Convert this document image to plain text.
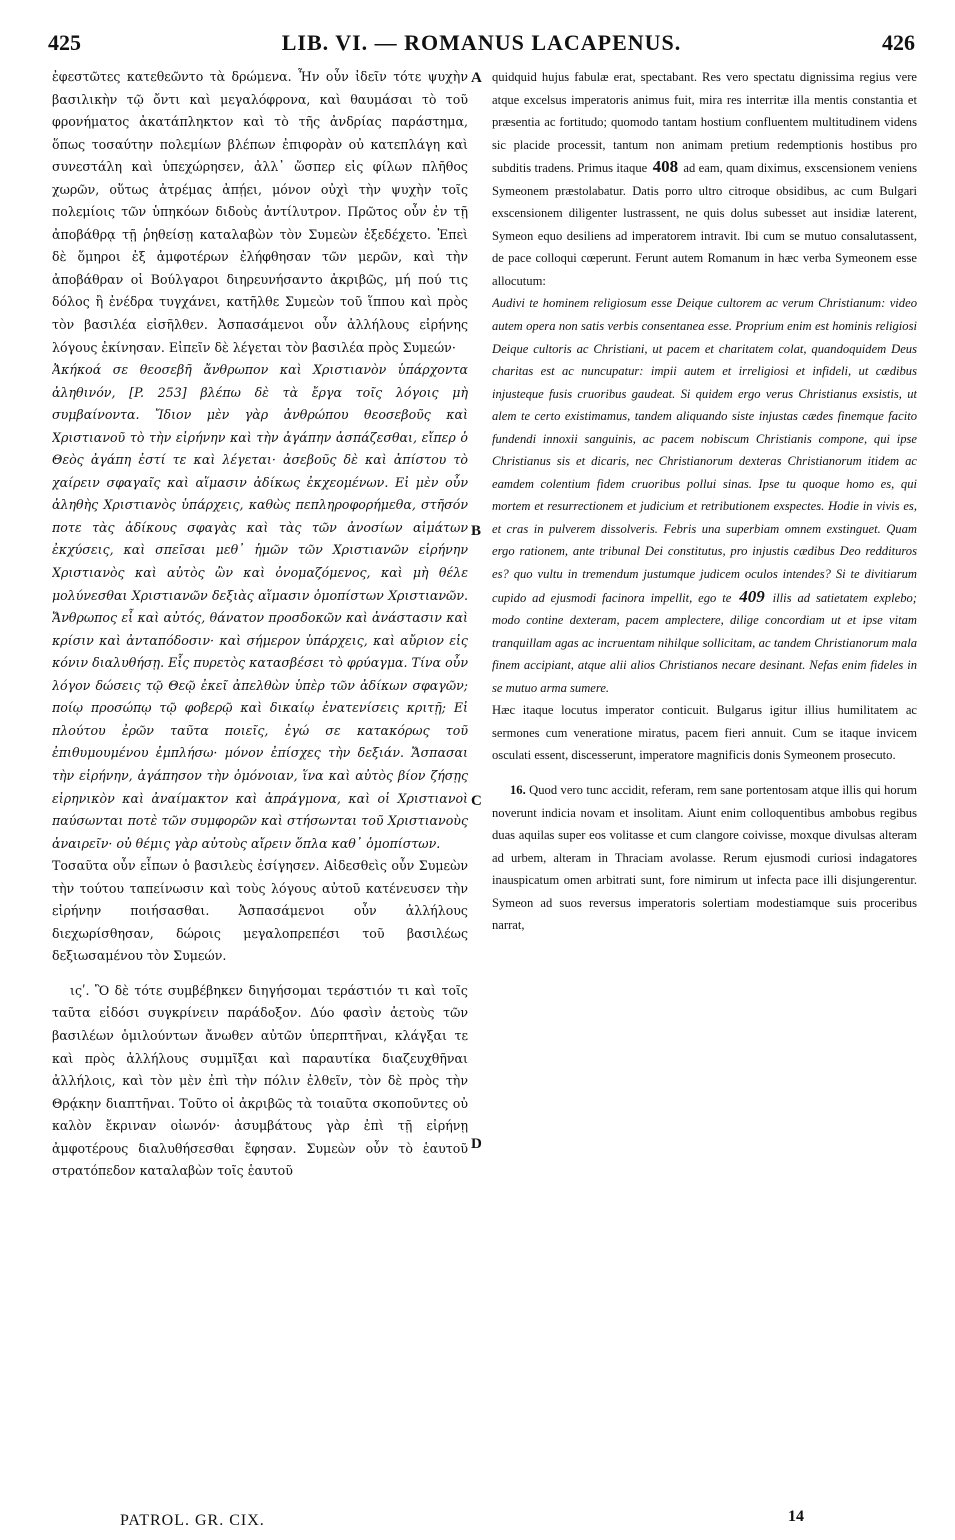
425	LIB. VI. — ROMANUS LACAPENUS.	426

ἐφεστῶτες κατεθεῶντο τὰ δρώμενα. Ἦν οὖν ἰδεῖν τότε ψυχὴν βασιλικὴν τῷ ὄντι καὶ μεγαλόφρονα, καὶ θαυμάσαι τὸ τοῦ φρονήματος ἀκατάπληκτον καὶ τὸ τῆς ἀνδρίας παράστημα, ὅπως τοσαύτην πολεμίων βλέπων ἐπιφορὰν οὐ κατεπλάγη καὶ συνεστάλη καὶ ὑπεχώρησεν, ἀλλ᾽ ὥσπερ εἰς φίλων πλῆθος χωρῶν, οὕτως ἀτρέμας ἀπῄει, μόνον οὐχὶ τὴν ψυχὴν τοῖς πολεμίοις τῶν ὑπηκόων διδοὺς ἀντίλυτρον. Πρῶτος οὖν ἐν τῇ ἀποβάθρᾳ τῇ ῥηθείσῃ καταλαβὼν τὸν Συμεὼν ἐξεδέχετο. Ἐπεὶ δὲ ὅμηροι ἐξ ἀμφοτέρων ἐλήφθησαν τῶν μερῶν, καὶ τὴν ἀποβάθραν οἱ Βούλγαροι διηρευνήσαντο ἀκριβῶς, μή πού τις δόλος ἢ ἐνέδρα τυγχάνει, κατῆλθε Συμεὼν τοῦ ἵππου καὶ πρὸς τὸν βασιλέα εἰσῆλθεν. Ἀσπασάμενοι οὖν ἀλλήλους εἰρήνης λόγους ἐκίνησαν. Εἰπεῖν δὲ λέγεται τὸν βασιλέα πρὸς Συμεών·

Ἀκήκοά σε θεοσεβῆ ἄνθρωπον καὶ Χριστιανὸν ὑπάρχοντα ἀληθινόν, [P. 253] βλέπω δὲ τὰ ἔργα τοῖς λόγοις μὴ συμβαίνοντα. Ἴδιον μὲν γὰρ ἀνθρώπου θεοσεβοῦς καὶ Χριστιανοῦ τὸ τὴν εἰρήνην καὶ τὴν ἀγάπην ἀσπάζεσθαι, εἴπερ ὁ Θεὸς ἀγάπη ἐστί τε καὶ λέγεται· ἀσεβοῦς δὲ καὶ ἀπίστου τὸ χαίρειν σφαγαῖς καὶ αἵμασιν ἀδίκως ἐκχεομένων. Εἰ μὲν οὖν ἀληθὴς Χριστιανὸς ὑπάρχεις, καθὼς πεπληροφορήμεθα, στῆσόν ποτε τὰς ἀδίκους σφαγὰς καὶ τὰς τῶν ἀνοσίων αἱμάτων ἐκχύσεις, καὶ σπεῖσαι μεθ᾽ ἡμῶν τῶν Χριστιανῶν εἰρήνην Χριστιανὸς καὶ αὐτὸς ὢν καὶ ὀνομαζόμενος, καὶ μὴ θέλε μολύνεσθαι Χριστιανῶν δεξιὰς αἵμασιν ὁμοπίστων Χριστιανῶν. Ἄνθρωπος εἶ καὶ αὐτός, θάνατον προσδοκῶν καὶ ἀνάστασιν καὶ κρίσιν καὶ ἀνταπόδοσιν· καὶ σήμερον ὑπάρχεις, καὶ αὔριον εἰς κόνιν διαλυθήσῃ. Εἷς πυρετὸς κατασβέσει τὸ φρύαγμα. Τίνα οὖν λόγον δώσεις τῷ Θεῷ ἐκεῖ ἀπελθὼν ὑπὲρ τῶν ἀδίκων σφαγῶν; ποίῳ προσώπῳ τῷ φοβερῷ καὶ δικαίῳ ἐνατενίσεις κριτῇ; Εἰ πλούτου ἐρῶν ταῦτα ποιεῖς, ἐγώ σε κατακόρως τοῦ ἐπιθυμουμένου ἐμπλήσω· μόνον ἐπίσχες τὴν δεξιάν. Ἄσπασαι τὴν εἰρήνην, ἀγάπησον τὴν ὁμόνοιαν, ἵνα καὶ αὐτὸς βίον ζήσῃς εἰρηνικὸν καὶ ἀναίμακτον καὶ ἀπράγμονα, καὶ οἱ Χριστιανοὶ παύσωνται ποτὲ τῶν συμφορῶν καὶ στήσωνται τοῦ Χριστιανοὺς ἀναιρεῖν· οὐ θέμις γὰρ αὐτοὺς αἴρειν ὅπλα καθ᾽ ὁμοπίστων.

Τοσαῦτα οὖν εἶπων ὁ βασιλεὺς ἐσίγησεν. Αἰδεσθεὶς οὖν Συμεὼν τὴν τούτου ταπείνωσιν καὶ τοὺς λόγους αὐτοῦ κατένευσεν τὴν εἰρήνην ποιήσασθαι. Ἀσπασάμενοι οὖν ἀλλήλους διεχωρίσθησαν, δώροις μεγαλοπρεπέσι τοῦ βασιλέως δεξιωσαμένου τὸν Συμεών.

ιςʹ. Ὃ δὲ τότε συμβέβηκεν διηγήσομαι τεράστιόν τι καὶ τοῖς ταῦτα εἰδόσι συγκρίνειν παράδοξον. Δύο φασὶν ἀετοὺς τῶν βασιλέων ὁμιλούντων ἄνωθεν αὐτῶν ὑπερπτῆναι, κλάγξαι τε καὶ πρὸς ἀλλήλους συμμῖξαι καὶ παραυτίκα διαζευχθῆναι ἀλλήλοις, καὶ τὸν μὲν ἐπὶ τὴν πόλιν ἐλθεῖν, τὸν δὲ πρὸς τὴν Θρᾴκην διαπτῆναι. Τοῦτο οἱ ἀκριβῶς τὰ τοιαῦτα σκοποῦντες οὐ καλὸν ἔκριναν οἰωνόν· ἀσυμβάτους γὰρ ἐπὶ τῇ εἰρήνῃ ἀμφοτέρους διαλυθήσεσθαι ἔφησαν. Συμεὼν οὖν τὸ ἑαυτοῦ στρατόπεδον καταλαβὼν τοῖς ἑαυτοῦ

A
B
C
D

quidquid hujus fabulæ erat, spectabant. Res vero spectatu dignissima regius vere atque excelsus imperatoris animus fuit, mira res interritæ illa mentis constantia et præsentia ac fortitudo; quomodo tantam hostium confluentem multitudinem videns sic placide processit, tantum non animam pretium redemptionis hostibus pro subditis tradens. Primus itaque 408 ad eam, quam diximus, exscensionem veniens Symeonem præstolabatur. Datis porro ultro citroque obsidibus, ac cum Bulgari exscensionem diligenter lustrassent, ne quis dolus subesset aut insidiæ laterent, Symeon equo desiliens ad imperatorem intravit. Ibi cum se mutuo consalutassent, de pace colloqui cœperunt. Ferunt autem Romanum in hæc verba Symeonem esse allocutum:

Audivi te hominem religiosum esse Deique cultorem ac verum Christianum: video autem opera non satis verbis consentanea esse. Proprium enim est hominis religiosi Deique cultoris ac Christiani, ut pacem et charitatem colat, quandoquidem Deus charitas est ac nuncupatur: impii autem et irreligiosi et infideli, ut cædibus injusteque fusis cruoribus gaudeat. Si quidem ergo verus Christianus exsistis, ut alem te certo existimamus, tandem aliquando siste injustas cædes finemque facito fundendi innoxii sanguinis, ac pacem nobiscum Christianis compone, qui ipse Christianus sis et dicaris, nec Christianorum dexteras Christianorum itidem ac eamdem colentium fidem cruoribus pollui sinas. Ipse tu quoque homo es, qui mortem et resurrectionem et judicium et retributionem exspectes. Hodie in vivis es, et cras in pulverem dissolveris. Febris una superbiam omnem exstinguet. Quam ergo rationem, ante tribunal Dei constitutus, pro injustis cædibus Deo reddituros es? quo vultu in tremendum justumque judicem oculos intendes? Si te divitiarum cupido ad ejusmodi facinora impellit, ego te 409 illis ad satietatem explebo; modo contine dexteram, pacem amplectere, dilige concordiam ut et ipse vitam tranquillam agas ac incruentam nihilque sollicitam, ac tandem Christianorum mala finem accipiant, atque alii alios Christianos necare desinant. Nefas enim fideles in se mutuo arma sumere.

Hæc itaque locutus imperator conticuit. Bulgarus igitur illius humilitatem ac sermones cum veneratione miratus, pacem fieri annuit. Cum se itaque invicem osculati essent, discesserunt, imperatore magnificis donis Symeonem prosecuto.

16. Quod vero tunc accidit, referam, rem sane portentosam atque illis qui horum noverunt indicia novam et insolitam. Aiunt enim colloquentibus ambobus regibus duas aquilas super eos volitasse et cum clangore coivisse, moxque divulsas alteram ad urbem, alteram in Thraciam avolasse. Rerum ejusmodi curiosi indagatores inauspicatum omen arbitrati sunt, fore nimirum ut infecta pace illi disjungerentur. Symeon ad suos reversus imperatoris solertiam modestiamque suis proceribus narrat,

PATROL. GR. CIX.	14
